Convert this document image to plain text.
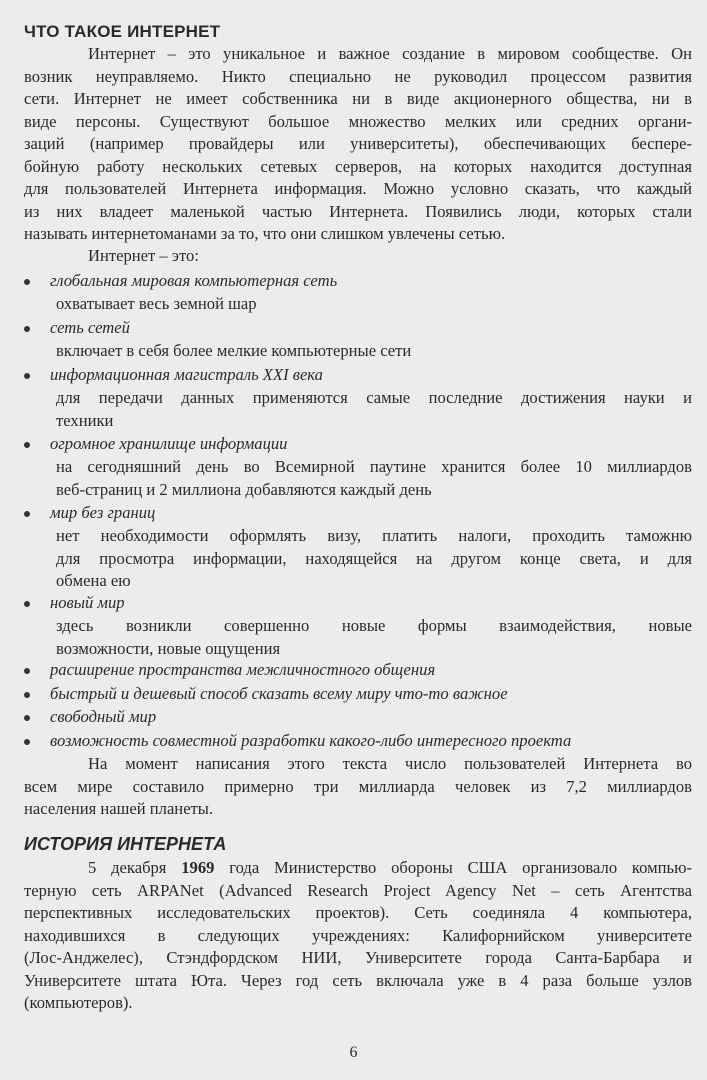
ЧТО ТАКОЕ ИНТЕРНЕТ
Интернет – это уникальное и важное создание в мировом сообществе. Он
возник неуправляемо. Никто специально не руководил процессом развития
сети. Интернет не имеет собственника ни в виде акционерного общества, ни в
виде персоны. Существуют большое множество мелких или средних органи-
заций (например провайдеры или университеты), обеспечивающих беспере-
бойную работу нескольких сетевых серверов, на которых находится доступная
для пользователей Интернета информация. Можно условно сказать, что каждый
из них владеет маленькой частью Интернета. Появились люди, которых стали
называть интернетоманами за то, что они слишком увлечены сетью.

Интернет – это:

глобальная мировая компьютерная сеть
охватывает весь земной шар
сеть сетей
включает в себя более мелкие компьютерные сети
информационная магистраль XXI века
для передачи данных применяются самые последние достижения науки и
техники
огромное хранилище информации
на сегодняшний день во Всемирной паутине хранится более 10 миллиардов
веб-страниц и 2 миллиона добавляются каждый день
мир без границ
нет необходимости оформлять визу, платить налоги, проходить таможню
для просмотра информации, находящейся на другом конце света, и для
обмена ею
новый мир
здесь возникли совершенно новые формы взаимодействия, новые
возможности, новые ощущения
расширение пространства межличностного общения
быстрый и дешевый способ сказать всему миру что-то важное
свободный мир
возможность совместной разработки какого-либо интересного проекта
На момент написания этого текста число пользователей Интернета во
всем мире составило примерно три миллиарда человек из 7,2 миллиардов
населения нашей планеты.
ИСТОРИЯ ИНТЕРНЕТА
5 декабря 1969 года Министерство обороны США организовало компью-
терную сеть ARPANet (Advanced Research Project Agency Net – сеть Агентства
перспективных исследовательских проектов). Сеть соединяла 4 компьютера,
находившихся в следующих учреждениях: Калифорнийском университете
(Лос-Анджелес), Стэндфордском НИИ, Университете города Санта-Барбара и
Университете штата Юта. Через год сеть включала уже в 4 раза больше узлов
(компьютеров).
6
